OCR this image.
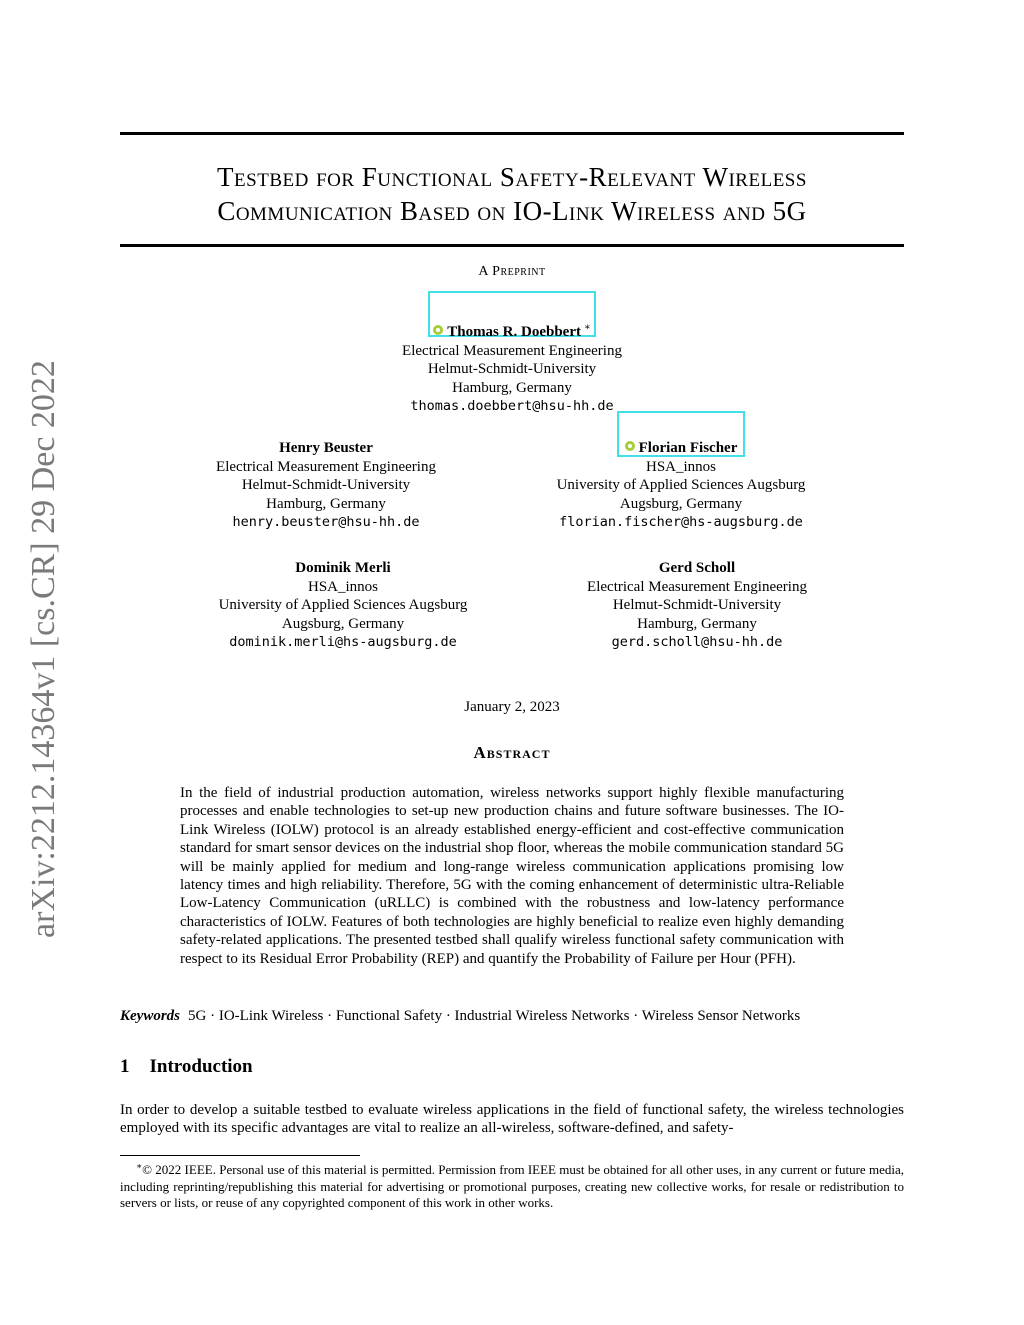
arXiv:2212.14364v1 [cs.CR] 29 Dec 2022
Testbed for Functional Safety-Relevant Wireless
Communication Based on IO-Link Wireless and 5G
A Preprint
Thomas R. Doebbert ∗
Electrical Measurement Engineering
Helmut-Schmidt-University
Hamburg, Germany
thomas.doebbert@hsu-hh.de
Henry Beuster
Electrical Measurement Engineering
Helmut-Schmidt-University
Hamburg, Germany
henry.beuster@hsu-hh.de
Florian Fischer
HSA_innos
University of Applied Sciences Augsburg
Augsburg, Germany
florian.fischer@hs-augsburg.de
Dominik Merli
HSA_innos
University of Applied Sciences Augsburg
Augsburg, Germany
dominik.merli@hs-augsburg.de
Gerd Scholl
Electrical Measurement Engineering
Helmut-Schmidt-University
Hamburg, Germany
gerd.scholl@hsu-hh.de
January 2, 2023
Abstract
In the field of industrial production automation, wireless networks support highly flexible manufacturing processes and enable technologies to set-up new production chains and future software businesses. The IO-Link Wireless (IOLW) protocol is an already established energy-efficient and cost-effective communication standard for smart sensor devices on the industrial shop floor, whereas the mobile communication standard 5G will be mainly applied for medium and long-range wireless communication applications promising low latency times and high reliability. Therefore, 5G with the coming enhancement of deterministic ultra-Reliable Low-Latency Communication (uRLLC) is combined with the robustness and low-latency performance characteristics of IOLW. Features of both technologies are highly beneficial to realize even highly demanding safety-related applications. The presented testbed shall qualify wireless functional safety communication with respect to its Residual Error Probability (REP) and quantify the Probability of Failure per Hour (PFH).
Keywords 5G · IO-Link Wireless · Functional Safety · Industrial Wireless Networks · Wireless Sensor Networks
1 Introduction
In order to develop a suitable testbed to evaluate wireless applications in the field of functional safety, the wireless technologies employed with its specific advantages are vital to realize an all-wireless, software-defined, and safety-
∗© 2022 IEEE. Personal use of this material is permitted. Permission from IEEE must be obtained for all other uses, in any current or future media, including reprinting/republishing this material for advertising or promotional purposes, creating new collective works, for resale or redistribution to servers or lists, or reuse of any copyrighted component of this work in other works.
